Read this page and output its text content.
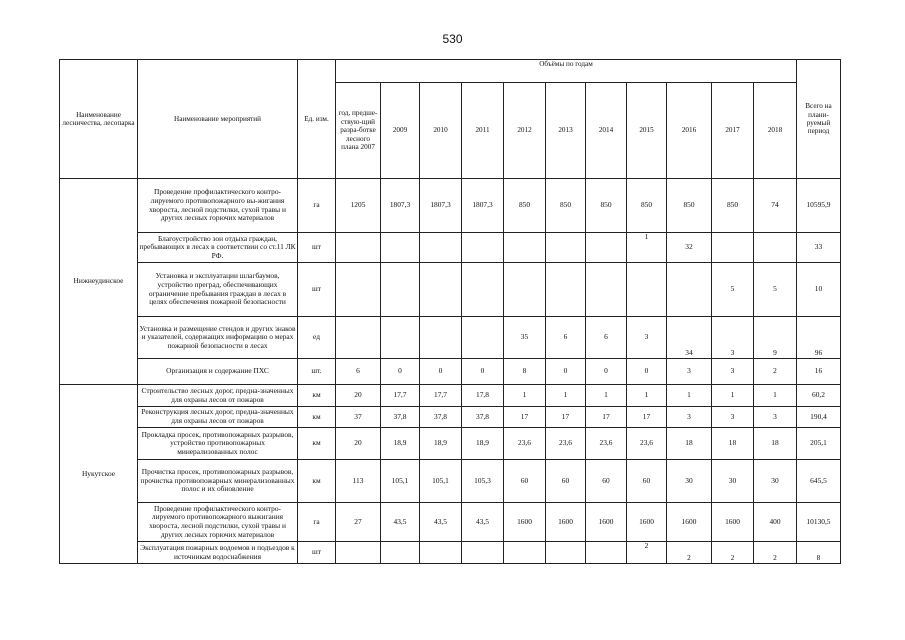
530
Наименование лесничества, лесопарка	Наименование мероприятий	Ед. изм.	Объёмы по годам											Всего на плани-руемый период
			год, предше-ствую-щий разра-ботке лесного плана 2007	2009	2010	2011	2012	2013	2014	2015	2016	2017	2018	
Нижнеудинское	Проведение профилактического контро-лируемого противопожарного вы-жигания хвороста, лесной подстилки, сухой травы и других лесных горючих материалов	га	1205	1807,3	1807,3	1807,3	850	850	850	850	850	850	74	10595,9
	Благоустройство зон отдыха граждан, пребывающих в лесах в соответствии со ст.11 ЛК РФ.	шт								1	32			33
	Установка и эксплуатации шлагбаумов, устройство преград, обеспечивающих ограничение пребывания граждан в лесах в целях обеспечения пожарной безопасности	шт										5	5	10
	Установка и размещение стендов и других знаков и указателей, содержащих информацию о мерах пожарной безопасности в лесах	ед					35	6	6	3	34	3	9	96
	Организация и содержание ПХС	шт.	6	0	0	0	8	0	0	0	3	3	2	16
Нукутское	Строительство лесных дорог, предна-значенных для охраны лесов от пожаров	км	20	17,7	17,7	17,8	1	1	1	1	1	1	1	60,2
	Реконструкция лесных дорог, предна-значенных для охраны лесов от пожаров	км	37	37,8	37,8	37,8	17	17	17	17	3	3	3	190,4
	Прокладка просек, противопожарных разрывов, устройство противопожарных минерализованных полос	км	20	18,9	18,9	18,9	23,6	23,6	23,6	23,6	18	18	18	205,1
	Прочистка просек, противопожарных разрывов, прочистка противопожарных минерализованных полос и их обновление	км	113	105,1	105,1	105,3	60	60	60	60	30	30	30	645,5
	Проведение профилактического контро-лируемого противопожарного выжигания хвороста, лесной подстилки, сухой травы и других лесных горючих материалов	га	27	43,5	43,5	43,5	1600	1600	1600	1600	1600	1600	400	10130,5
	Эксплуатация пожарных водоемов и подъездов к источникам водоснабжения	шт								2	2	2	2	8
